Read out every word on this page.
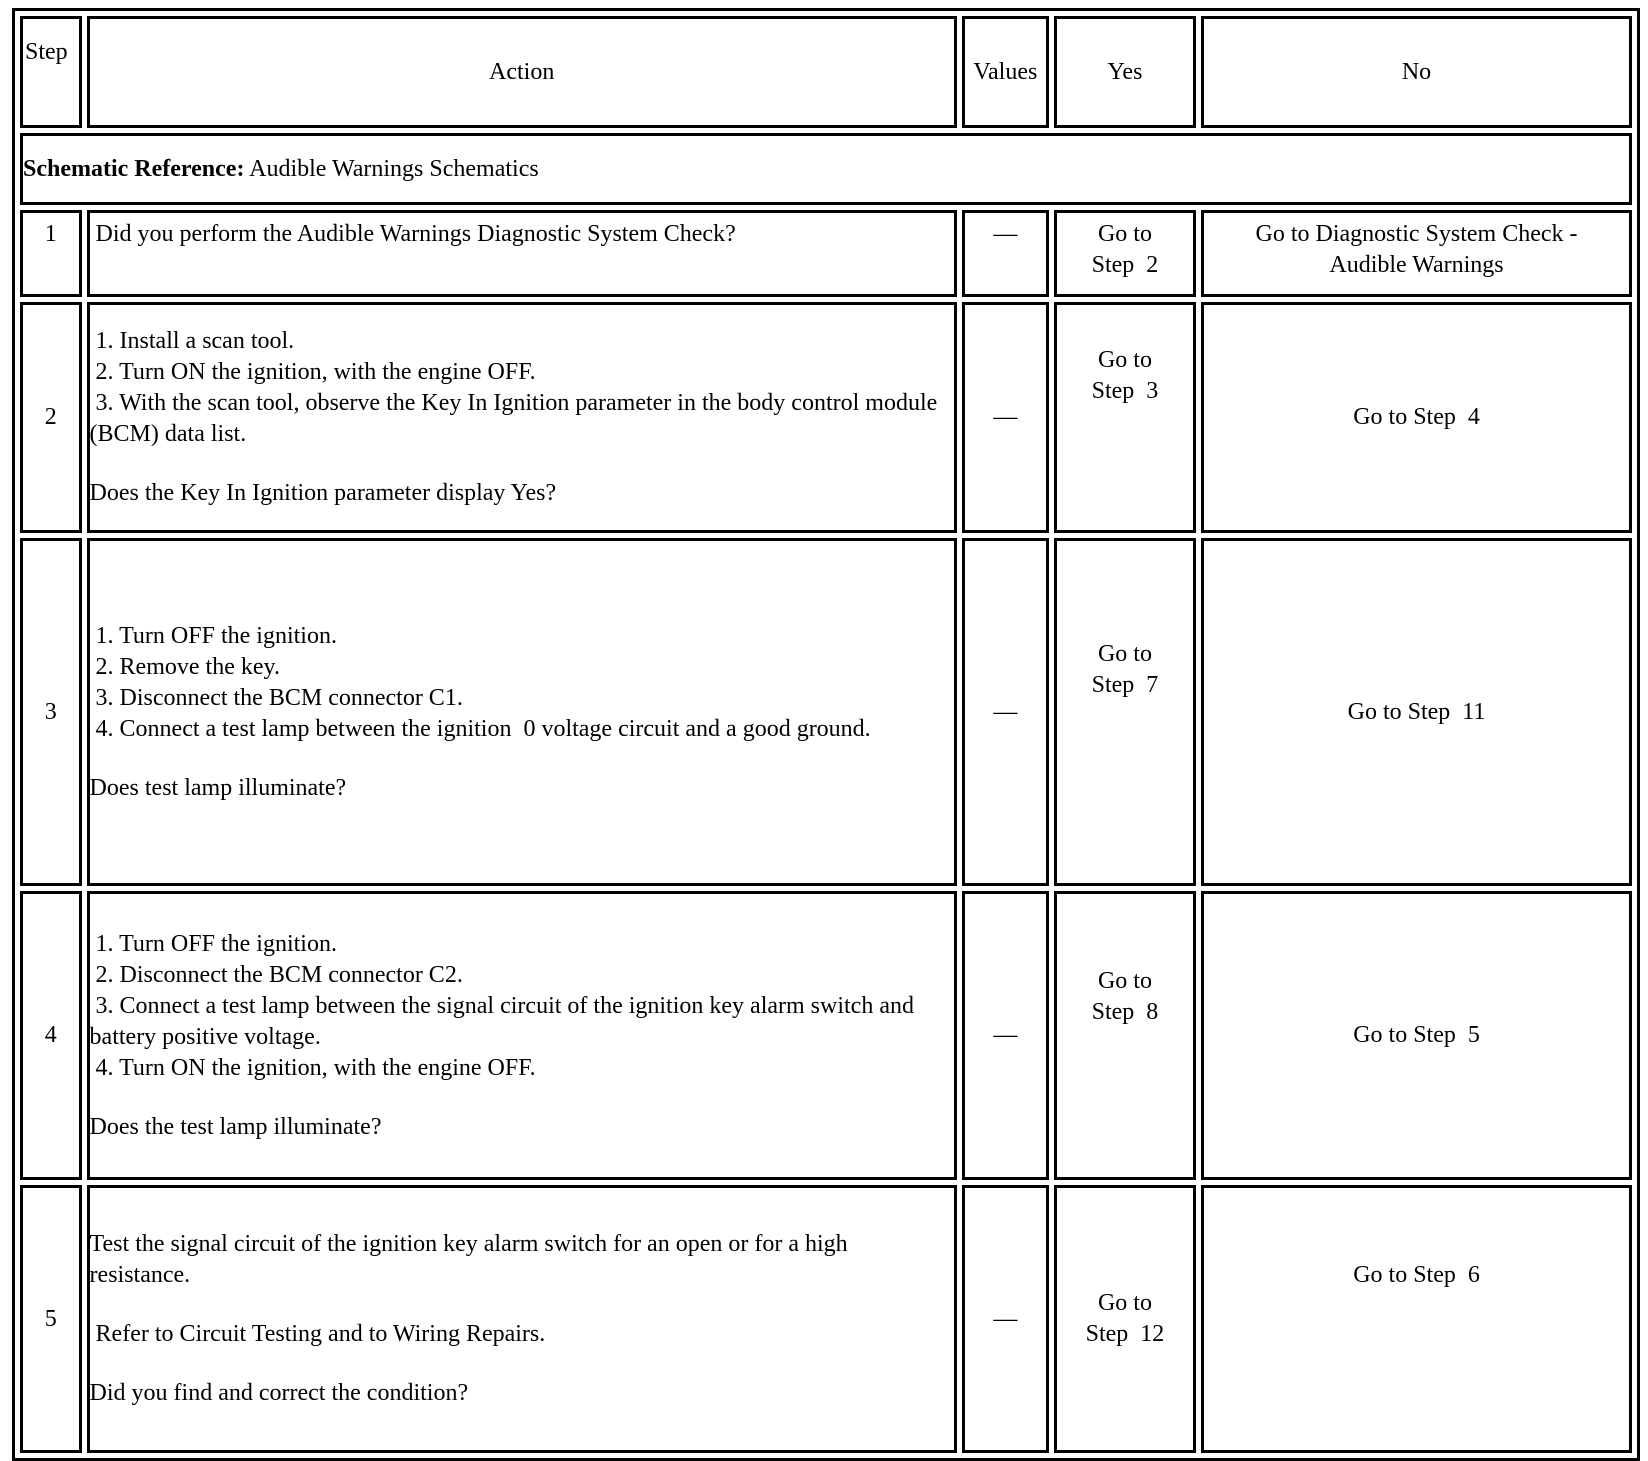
Step	Action	Values	Yes	No
Schematic Reference: Audible Warnings Schematics				
1	Did you perform the Audible Warnings Diagnostic System Check?	—	Go to
Step  2	Go to Diagnostic System Check -
Audible Warnings

2	1. Install a scan tool.
2. Turn ON the ignition, with the engine OFF.
3. With the scan tool, observe the Key In Ignition parameter in the body control module  (BCM) data list.
Does the Key In Ignition parameter display Yes?	—	Go to
Step  3	Go to Step  4

3	1. Turn OFF the ignition.
2. Remove the key.
3. Disconnect the BCM connector C1.
4. Connect a test lamp between the ignition  0 voltage circuit and a good ground.
Does test lamp illuminate?	—	Go to
Step  7	Go to Step  11

4	1. Turn OFF the ignition.
2. Disconnect the BCM connector C2.
3. Connect a test lamp between the signal circuit of the ignition key alarm switch and battery positive voltage.
4. Turn ON the ignition, with the engine OFF.
Does the test lamp illuminate?	—	Go to
Step  8	Go to Step  5

5	Test the signal circuit of the ignition key alarm switch for an open or for a high resistance.
Refer to Circuit Testing and to Wiring Repairs.
Did you find and correct the condition?	—	Go to
Step  12	Go to Step  6
